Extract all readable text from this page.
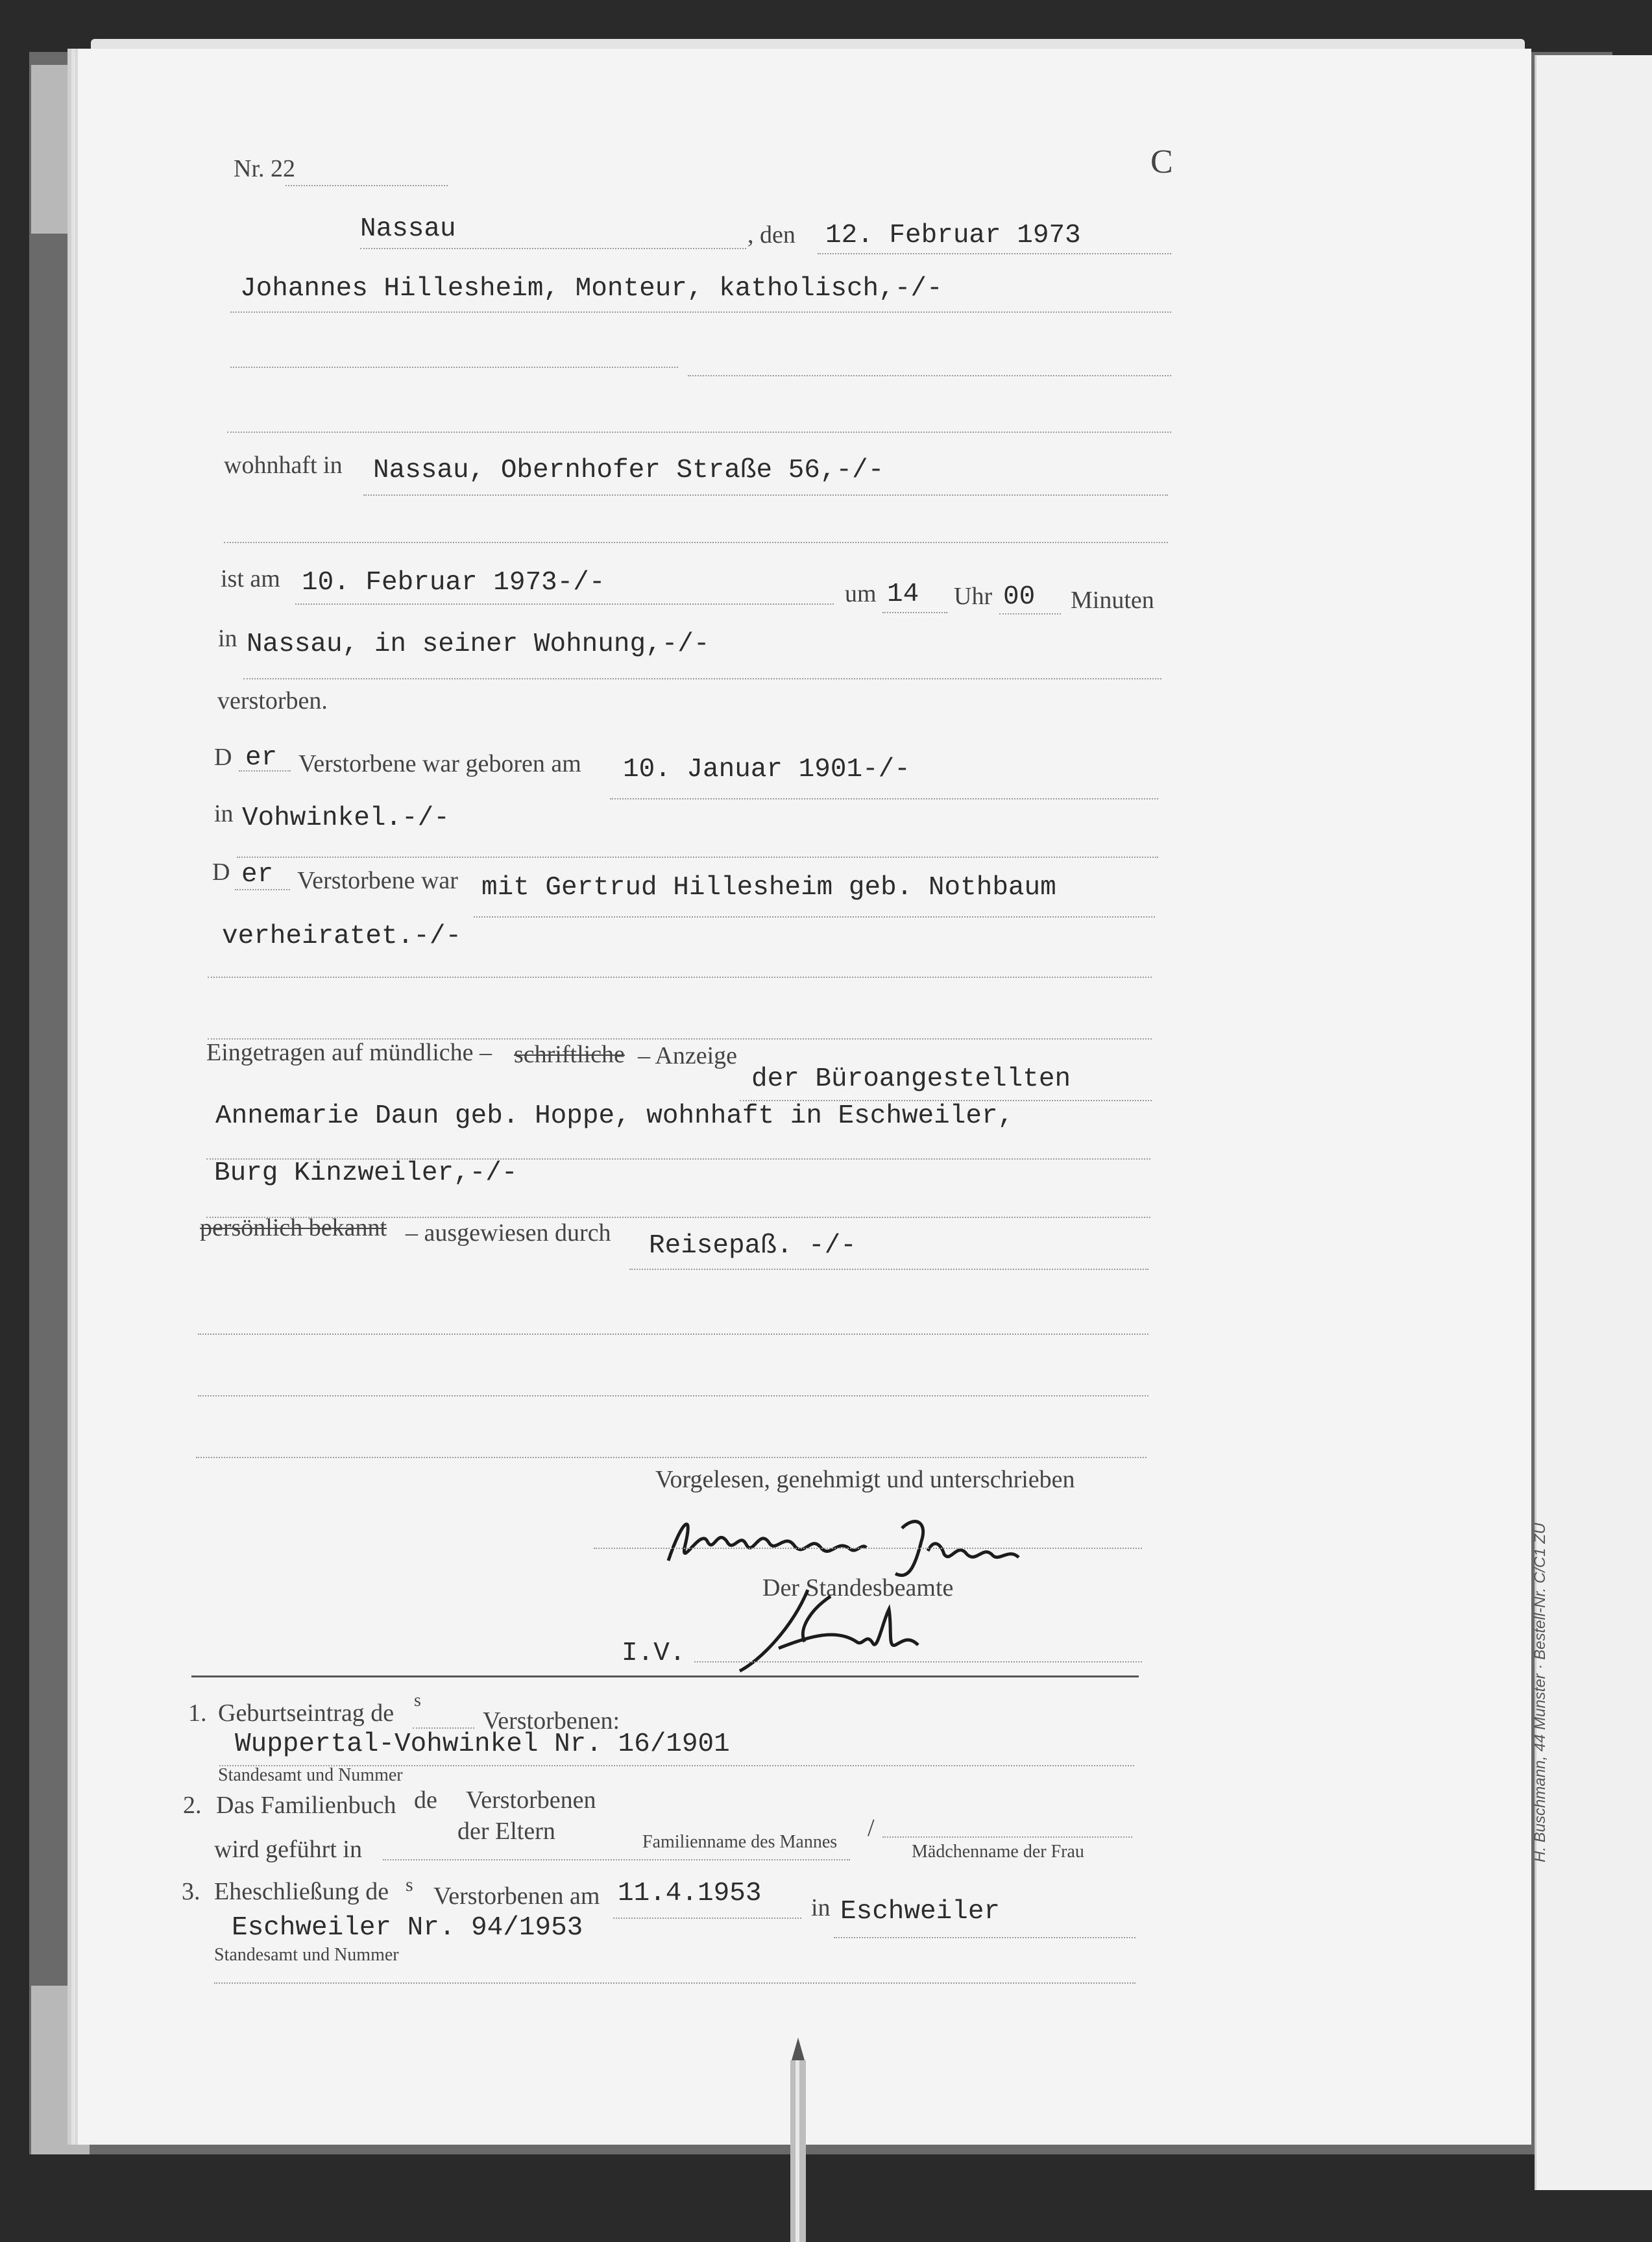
Nr. 22	C
Nassau	, den 12. Februar 1973
Johannes Hillesheim, Monteur, katholisch,-/-
wohnhaft in Nassau, Obernhofer Straße 56,-/-
ist am 10. Februar 1973-/-	um 14 Uhr 00 Minuten
in Nassau, in seiner Wohnung,-/-
verstorben.
D er Verstorbene war geboren am 10. Januar 1901-/-
in Vohwinkel.-/-
D er Verstorbene war mit Gertrud Hillesheim geb. Nothbaum
verheiratet.-/-
Eingetragen auf mündliche – schriftliche – Anzeige
der Büroangestellten
Annemarie Daun geb. Hoppe, wohnhaft in Eschweiler,
Burg Kinzweiler,-/-
persönlich bekannt – ausgewiesen durch Reisepaß. -/-
Vorgelesen, genehmigt und unterschrieben
Der Standesbeamte
I.V.
1. Geburtseintrag de s
Verstorbenen:
Wuppertal-Vohwinkel Nr. 16/1901
Standesamt und Nummer
2. Das Familienbuch de Verstorbenen
der Eltern
wird geführt in	Familienname des Mannes
/
Mädchenname der Frau
3. Eheschließung de s Verstorbenen am 11.4.1953 in Eschweiler
Eschweiler Nr. 94/1953
Standesamt und Nummer
H. Buschmann, 44 Munster · Bestell-Nr. C/C1 ZU
